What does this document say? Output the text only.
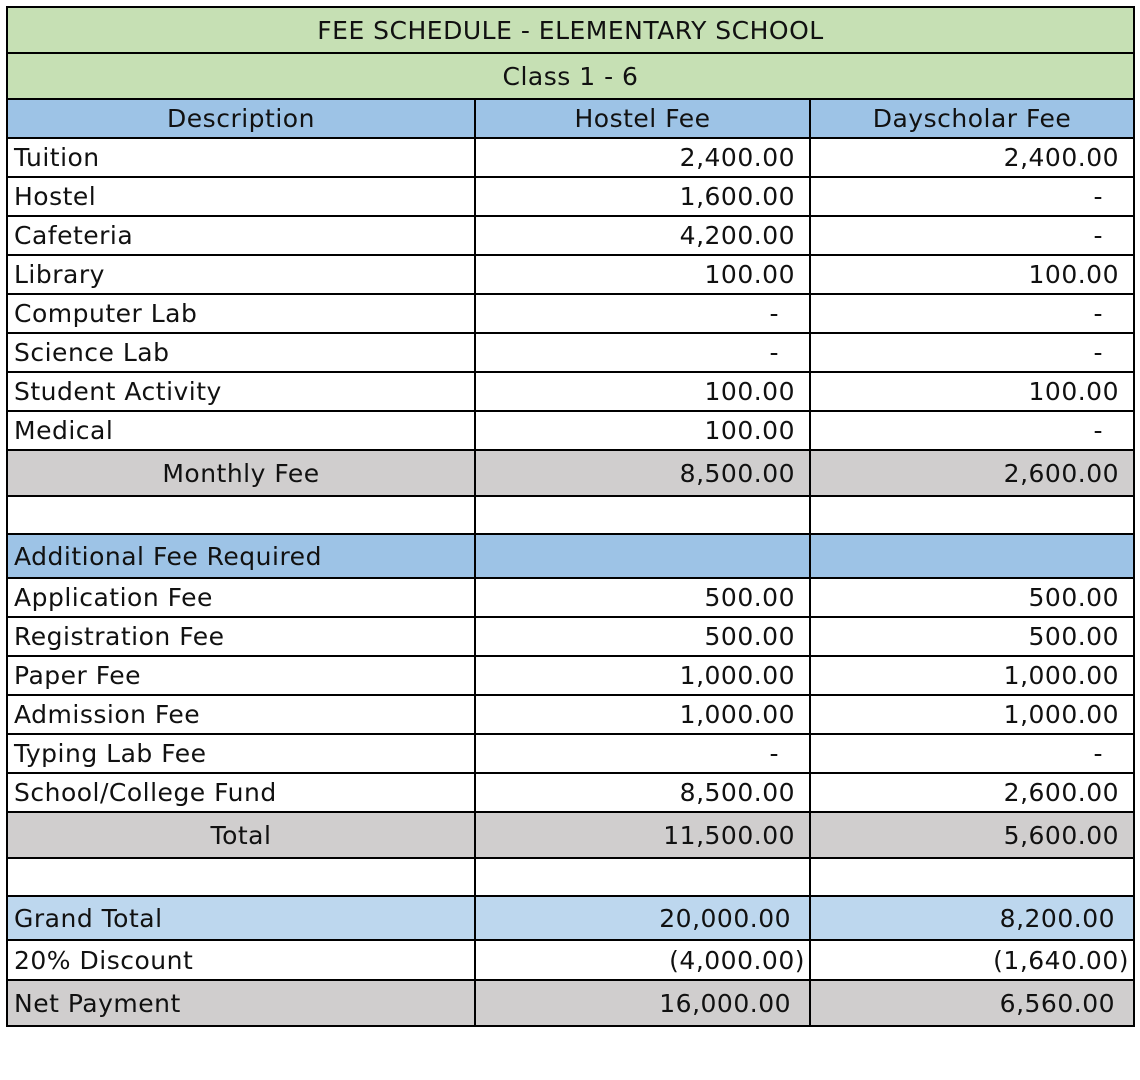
FEE SCHEDULE - ELEMENTARY SCHOOL		
Class 1 - 6		
Description	Hostel Fee	Dayscholar Fee
Tuition	2,400.00	2,400.00
Hostel	1,600.00	-
Cafeteria	4,200.00	-
Library	100.00	100.00
Computer Lab	-	-
Science Lab	-	-
Student Activity	100.00	100.00
Medical	100.00	-
Monthly Fee	8,500.00	2,600.00

Additional Fee Required		
Application Fee	500.00	500.00
Registration Fee	500.00	500.00
Paper Fee	1,000.00	1,000.00
Admission Fee	1,000.00	1,000.00
Typing Lab Fee	-	-
School/College Fund	8,500.00	2,600.00
Total	11,500.00	5,600.00

Grand Total	20,000.00	8,200.00
20% Discount	(4,000.00)	(1,640.00)
Net Payment	16,000.00	6,560.00
